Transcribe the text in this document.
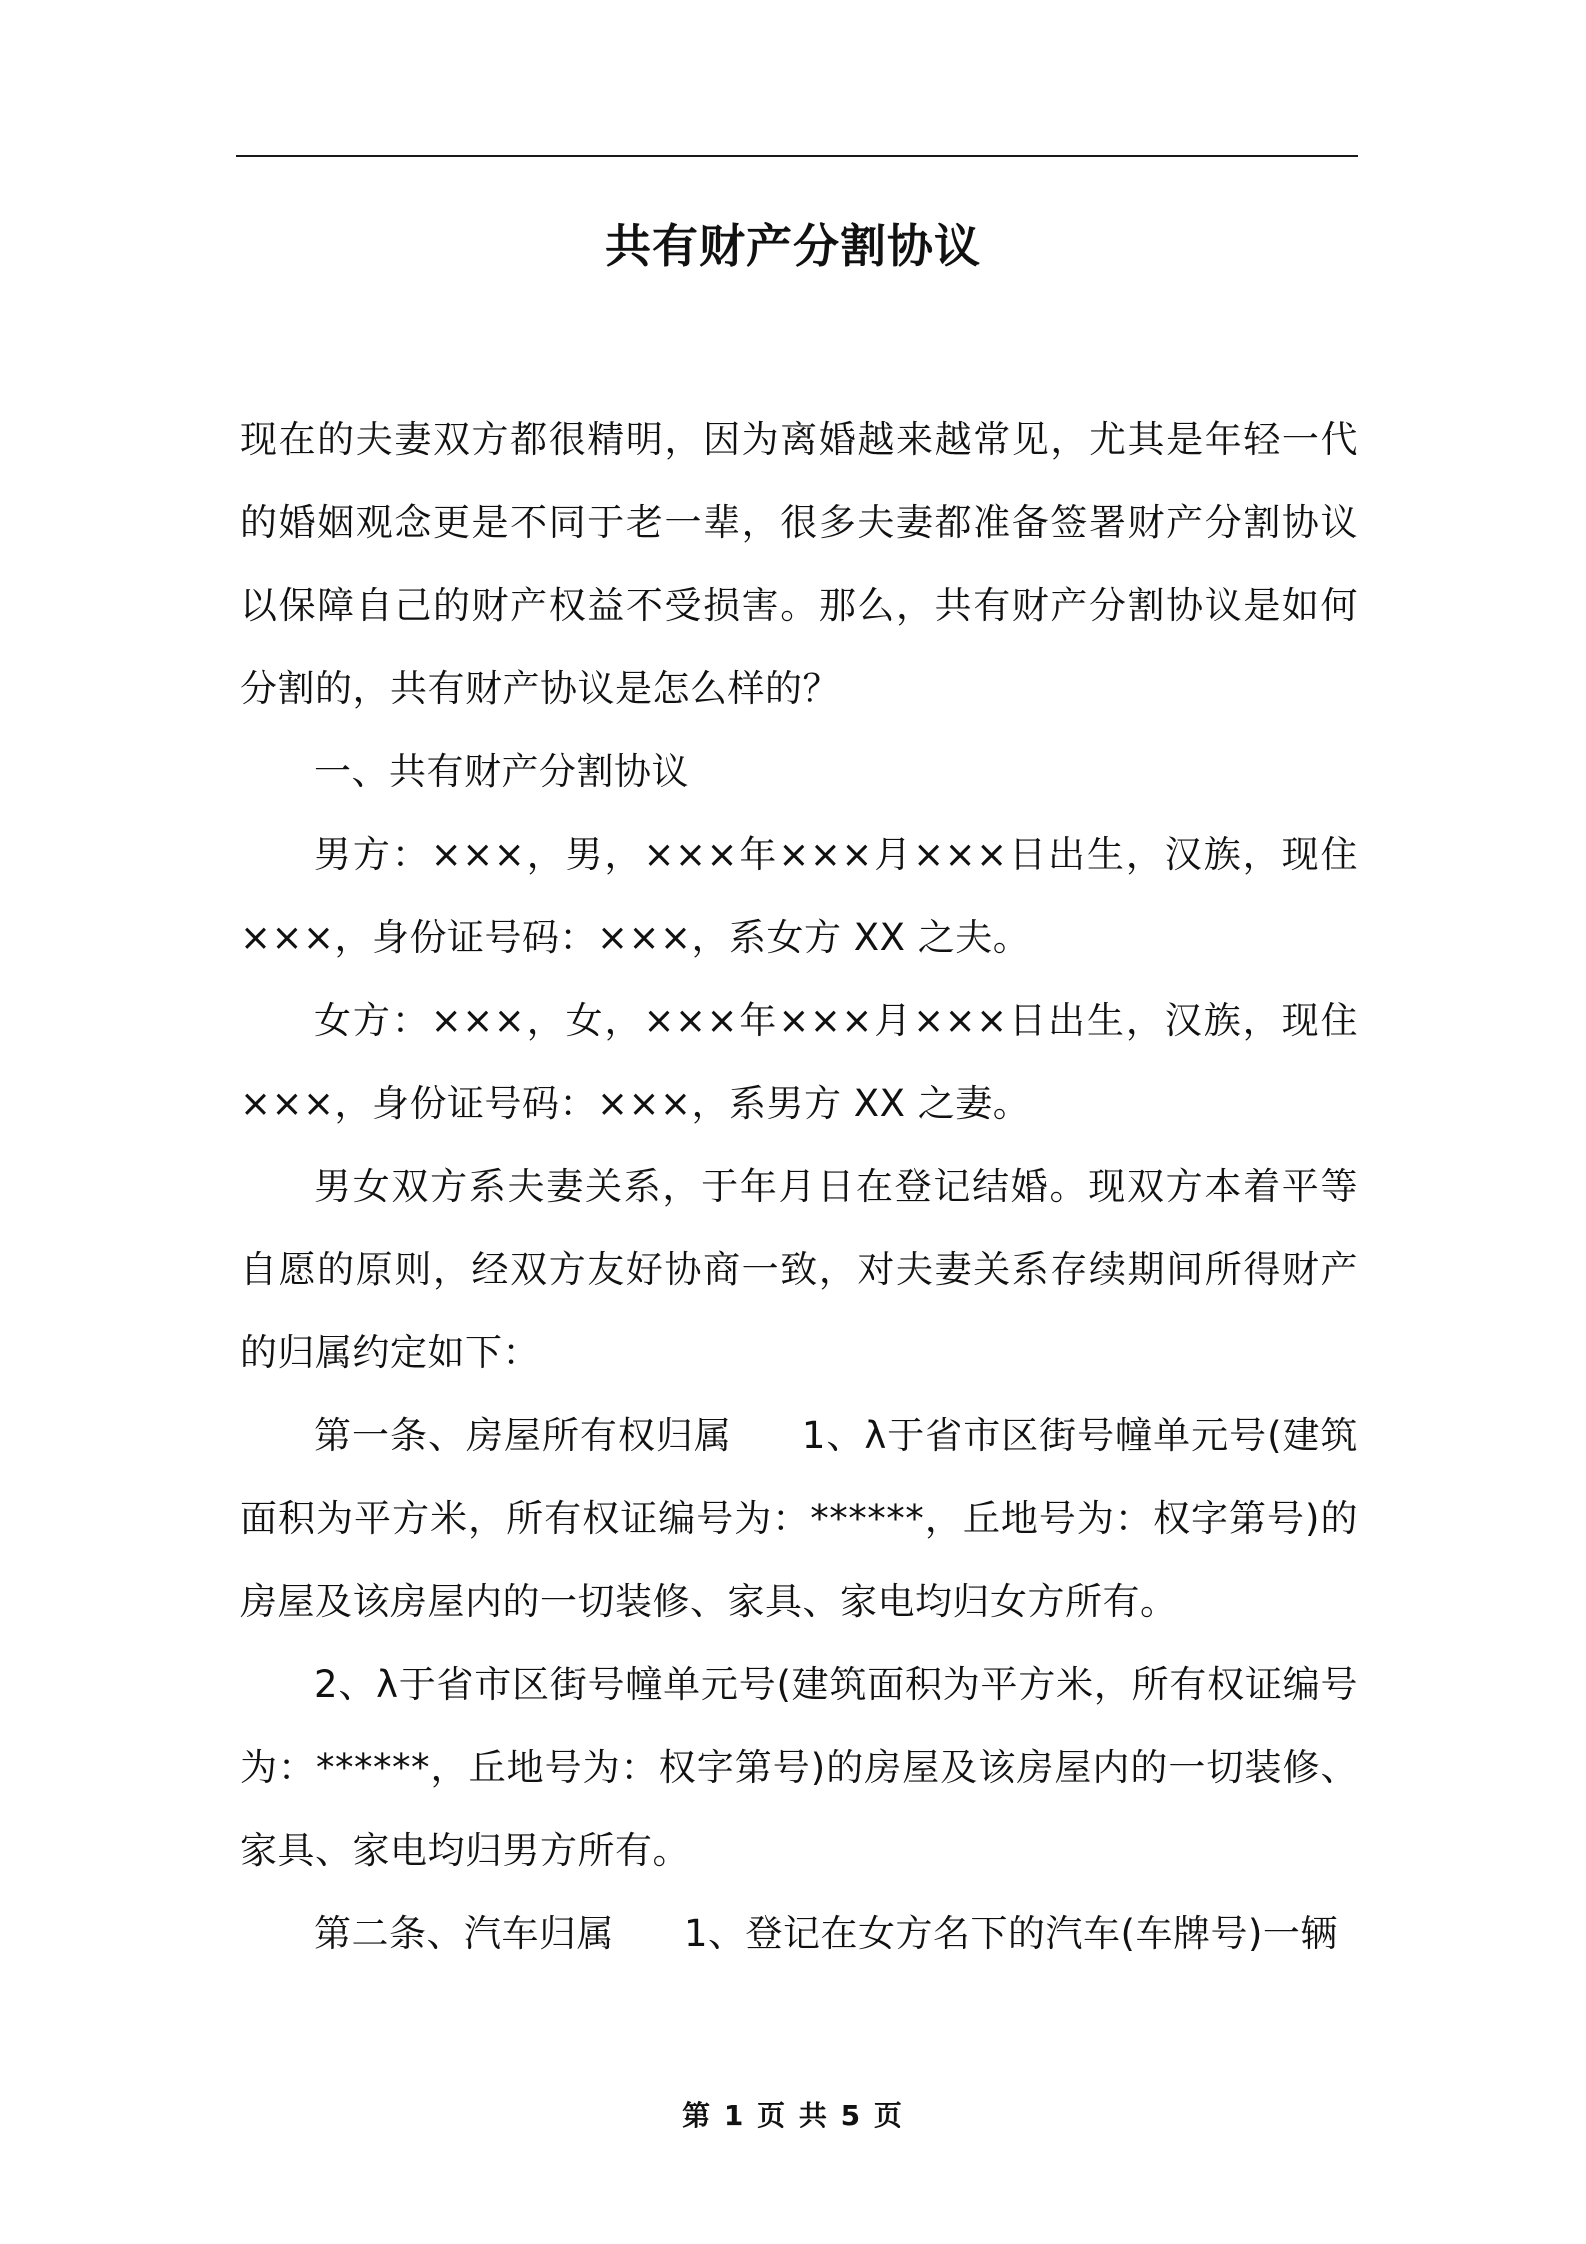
共有财产分割协议

现在的夫妻双方都很精明，因为离婚越来越常见，尤其是年轻一代的婚姻观念更是不同于老一辈，很多夫妻都准备签署财产分割协议以保障自己的财产权益不受损害。那么，共有财产分割协议是如何分割的，共有财产协议是怎么样的？

一、共有财产分割协议

男方：×××，男，×××年×××月×××日出生，汉族，现住×××，身份证号码：×××，系女方 XX 之夫。

女方：×××，女，×××年×××月×××日出生，汉族，现住×××，身份证号码：×××，系男方 XX 之妻。

男女双方系夫妻关系，于年月日在登记结婚。现双方本着平等自愿的原则，经双方友好协商一致，对夫妻关系存续期间所得财产的归属约定如下：

第一条、房屋所有权归属 1、λ于省市区街号幢单元号(建筑面积为平方米，所有权证编号为：******，丘地号为：权字第号)的房屋及该房屋内的一切装修、家具、家电均归女方所有。

2、λ于省市区街号幢单元号(建筑面积为平方米，所有权证编号为：******，丘地号为：权字第号)的房屋及该房屋内的一切装修、家具、家电均归男方所有。

第二条、汽车归属 1、登记在女方名下的汽车(车牌号)一辆

第 1 页 共 5 页
